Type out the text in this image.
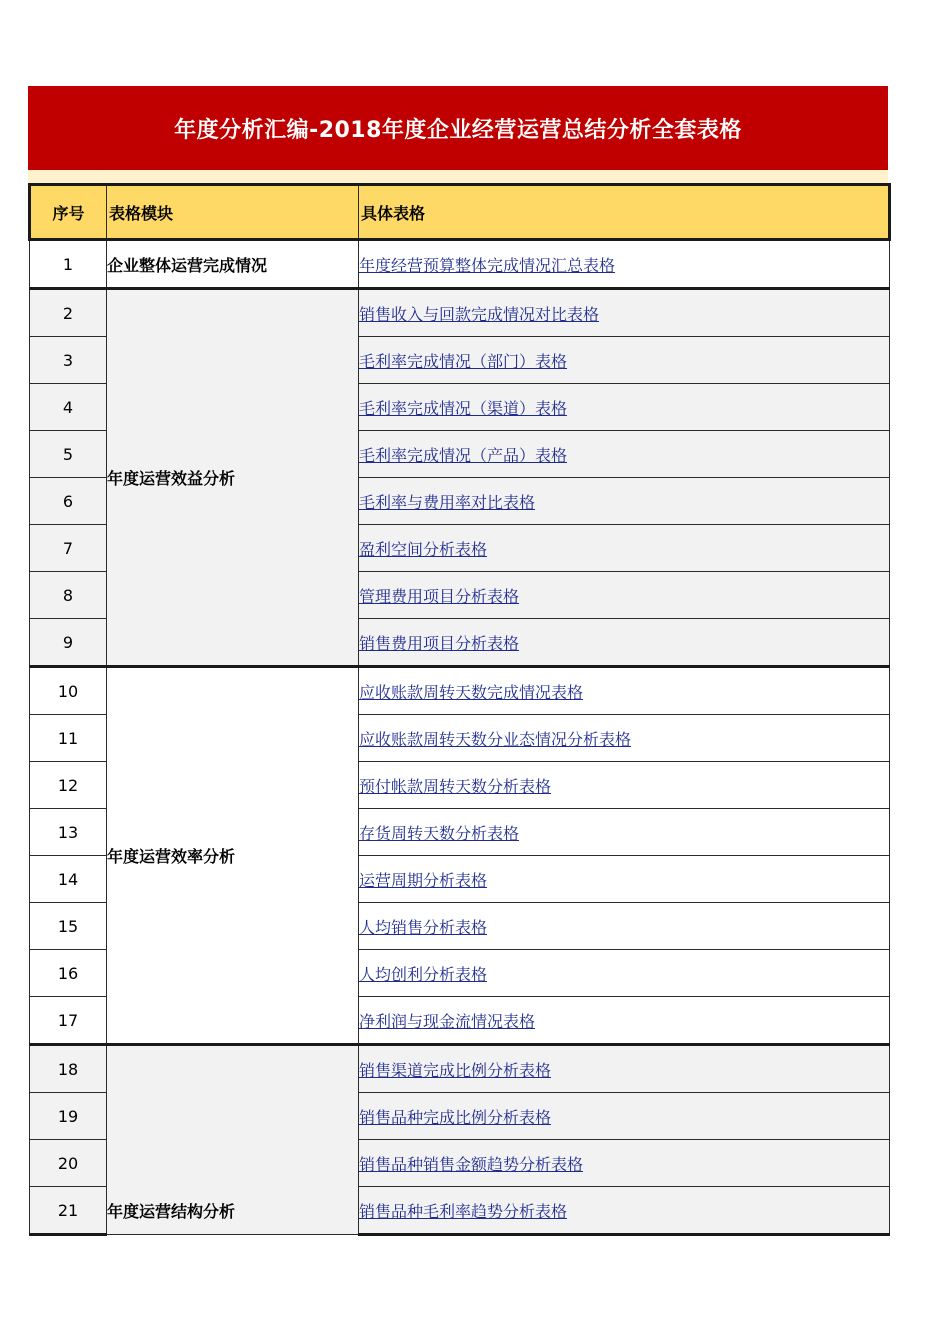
年度分析汇编-2018年度企业经营运营总结分析全套表格
序号	表格模块	具体表格
1	企业整体运营完成情况	年度经营预算整体完成情况汇总表格
2	年度运营效益分析	销售收入与回款完成情况对比表格
3		毛利率完成情况（部门）表格
4		毛利率完成情况（渠道）表格
5		毛利率完成情况（产品）表格
6		毛利率与费用率对比表格
7		盈利空间分析表格
8		管理费用项目分析表格
9		销售费用项目分析表格
10	年度运营效率分析	应收账款周转天数完成情况表格
11		应收账款周转天数分业态情况分析表格
12		预付帐款周转天数分析表格
13		存货周转天数分析表格
14		运营周期分析表格
15		人均销售分析表格
16		人均创利分析表格
17		净利润与现金流情况表格
18	年度运营结构分析	销售渠道完成比例分析表格
19		销售品种完成比例分析表格
20		销售品种销售金额趋势分析表格
21		销售品种毛利率趋势分析表格
